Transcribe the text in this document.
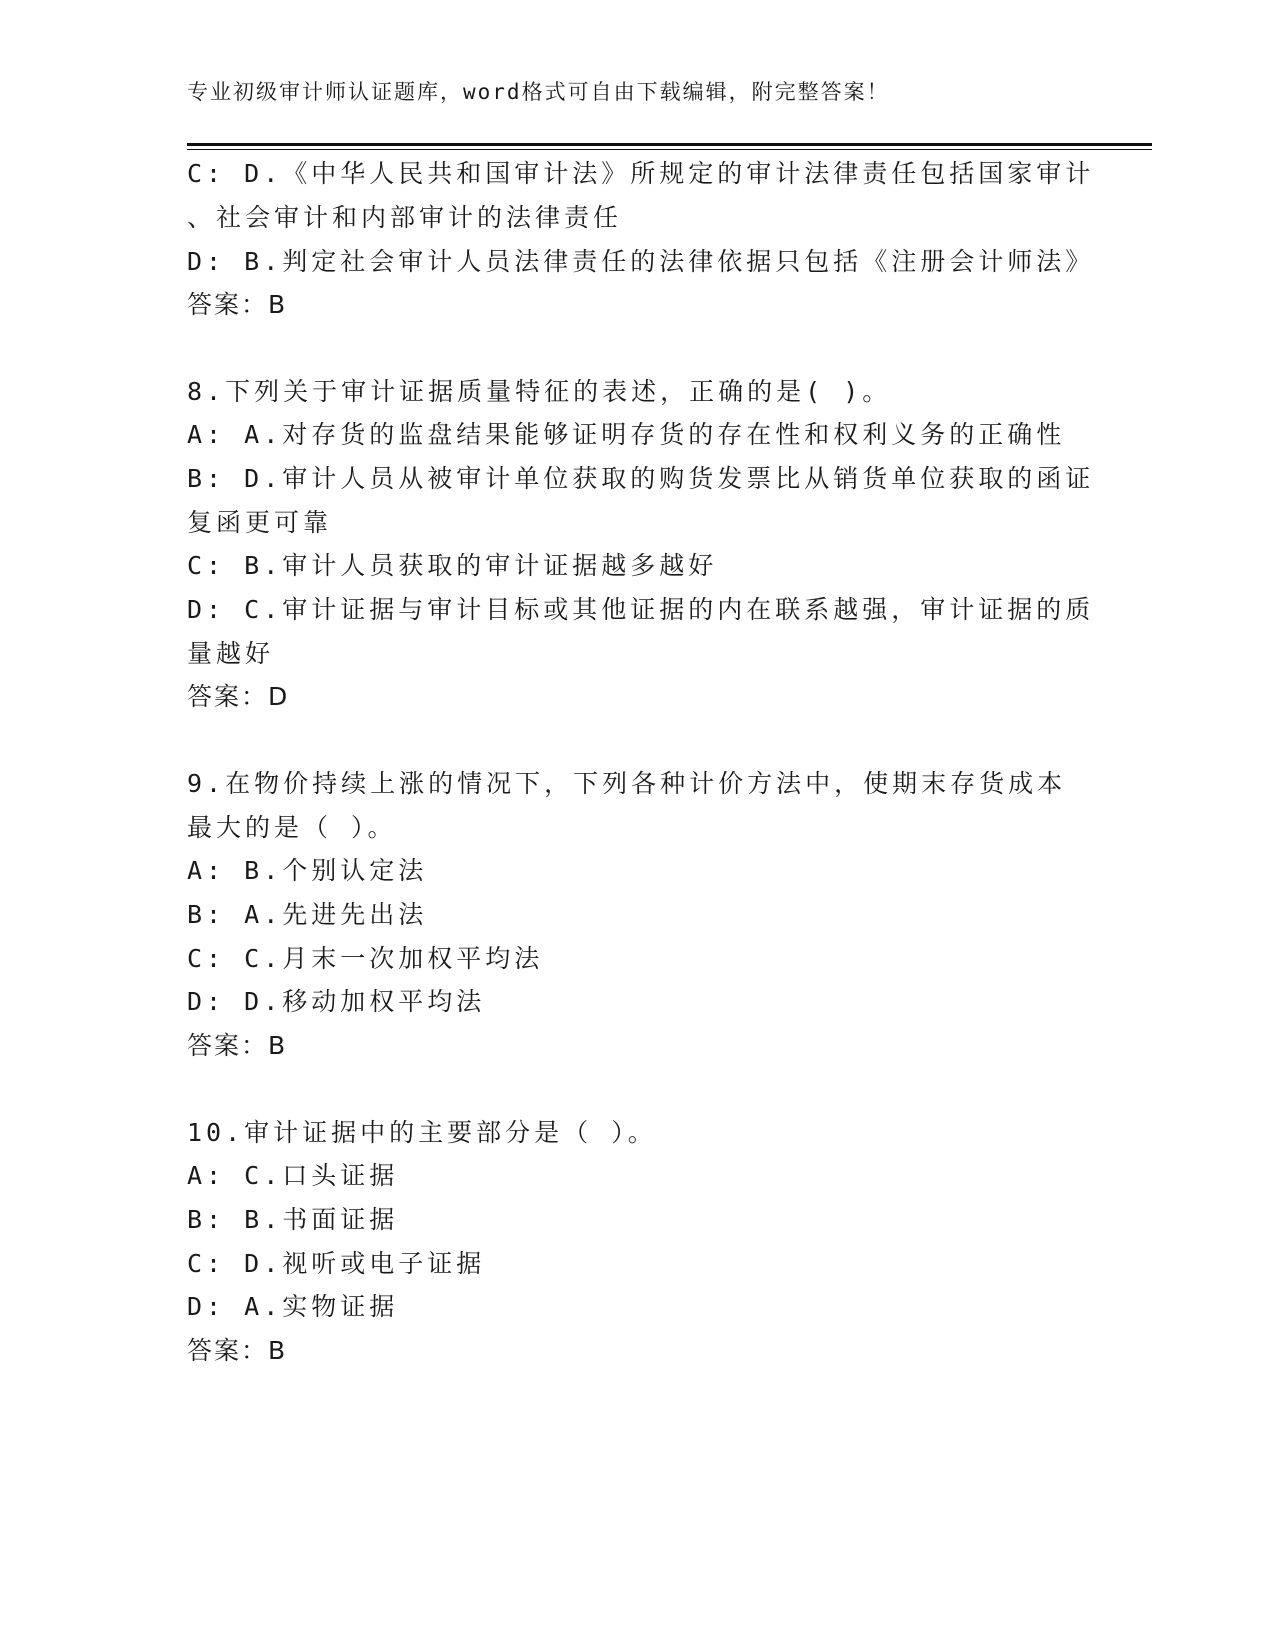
专业初级审计师认证题库，word格式可自由下载编辑，附完整答案！
C: D.《中华人民共和国审计法》所规定的审计法律责任包括国家审计
、社会审计和内部审计的法律责任
D: B.判定社会审计人员法律责任的法律依据只包括《注册会计师法》
答案：B
8.下列关于审计证据质量特征的表述，正确的是( )。
A: A.对存货的监盘结果能够证明存货的存在性和权利义务的正确性
B: D.审计人员从被审计单位获取的购货发票比从销货单位获取的函证
复函更可靠
C: B.审计人员获取的审计证据越多越好
D: C.审计证据与审计目标或其他证据的内在联系越强，审计证据的质
量越好
答案：D
9.在物价持续上涨的情况下，下列各种计价方法中，使期末存货成本
最大的是（ ）。
A: B.个别认定法
B: A.先进先出法
C: C.月末一次加权平均法
D: D.移动加权平均法
答案：B
10.审计证据中的主要部分是（ ）。
A: C.口头证据
B: B.书面证据
C: D.视听或电子证据
D: A.实物证据
答案：B
